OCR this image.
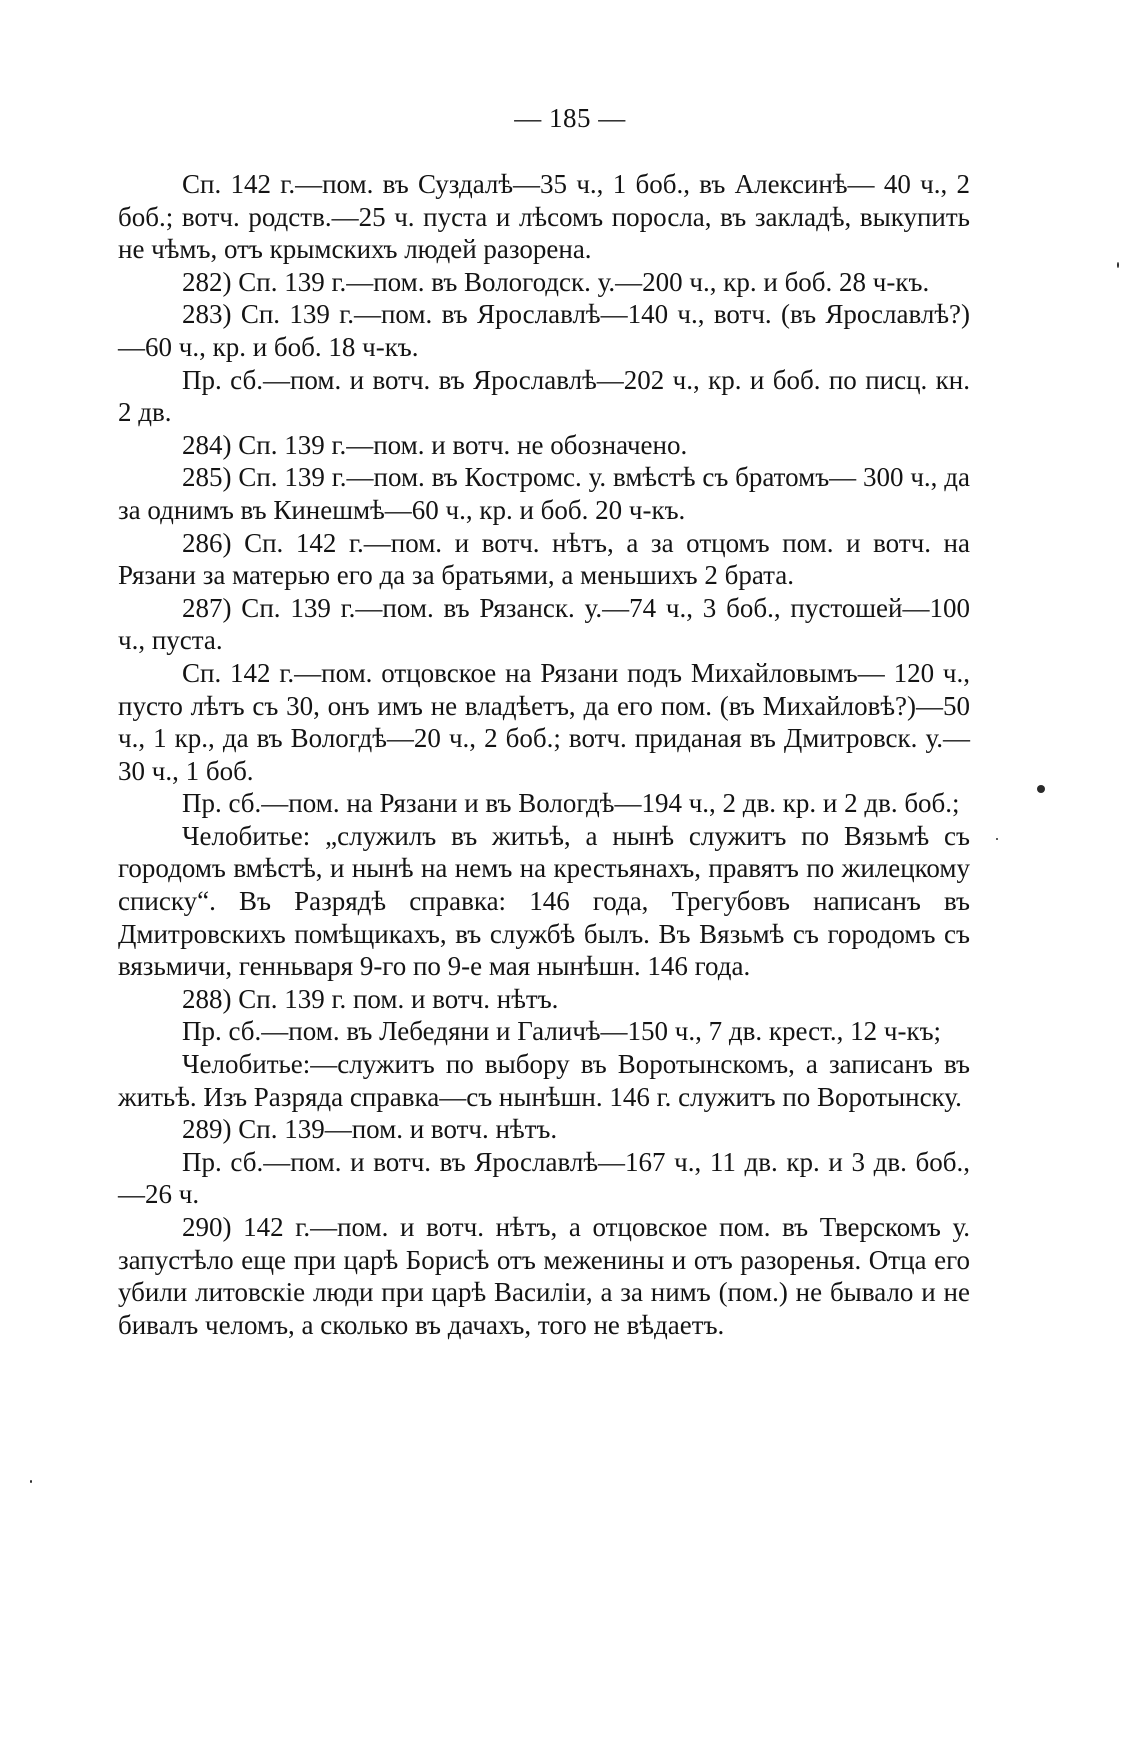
— 185 —

Сп. 142 г.—пом. въ Суздалѣ—35 ч., 1 боб., въ Алексинѣ— 40 ч., 2 боб.; вотч. родств.—25 ч. пуста и лѣсомъ поросла, въ закладѣ, выкупить не чѣмъ, отъ крымскихъ людей разорена.

282) Сп. 139 г.—пом. въ Вологодск. у.—200 ч., кр. и боб. 28 ч-къ.

283) Сп. 139 г.—пом. въ Ярославлѣ—140 ч., вотч. (въ Ярославлѣ?)—60 ч., кр. и боб. 18 ч-къ.

Пр. сб.—пом. и вотч. въ Ярославлѣ—202 ч., кр. и боб. по писц. кн. 2 дв.

284) Сп. 139 г.—пом. и вотч. не обозначено.

285) Сп. 139 г.—пом. въ Костромс. у. вмѣстѣ съ братомъ— 300 ч., да за однимъ въ Кинешмѣ—60 ч., кр. и боб. 20 ч-къ.

286) Сп. 142 г.—пом. и вотч. нѣтъ, а за отцомъ пом. и вотч. на Рязани за матерью его да за братьями, а меньшихъ 2 брата.

287) Сп. 139 г.—пом. въ Рязанск. у.—74 ч., 3 боб., пустошей—100 ч., пуста.

Сп. 142 г.—пом. отцовское на Рязани подъ Михайловымъ— 120 ч., пусто лѣтъ съ 30, онъ имъ не владѣетъ, да его пом. (въ Михайловѣ?)—50 ч., 1 кр., да въ Вологдѣ—20 ч., 2 боб.; вотч. приданая въ Дмитровск. у.—30 ч., 1 боб.

Пр. сб.—пом. на Рязани и въ Вологдѣ—194 ч., 2 дв. кр. и 2 дв. боб.;

Челобитье: „служилъ въ житьѣ, а нынѣ служитъ по Вязьмѣ съ городомъ вмѣстѣ, и нынѣ на немъ на крестьянахъ, правятъ по жилецкому списку“. Въ Разрядѣ справка: 146 года, Трегубовъ написанъ въ Дмитровскихъ помѣщикахъ, въ службѣ былъ. Въ Вязьмѣ съ городомъ съ вязьмичи, генньваря 9-го по 9-е мая нынѣшн. 146 года.

288) Сп. 139 г. пом. и вотч. нѣтъ.

Пр. сб.—пом. въ Лебедяни и Галичѣ—150 ч., 7 дв. крест., 12 ч-къ;

Челобитье:—служитъ по выбору въ Воротынскомъ, а записанъ въ житьѣ. Изъ Разряда справка—съ нынѣшн. 146 г. служитъ по Воротынску.

289) Сп. 139—пом. и вотч. нѣтъ.

Пр. сб.—пом. и вотч. въ Ярославлѣ—167 ч., 11 дв. кр. и 3 дв. боб.,—26 ч.

290) 142 г.—пом. и вотч. нѣтъ, а отцовское пом. въ Тверскомъ у. запустѣло еще при царѣ Борисѣ отъ меженины и отъ разоренья. Отца его убили литовскіе люди при царѣ Василіи, а за нимъ (пом.) не бывало и не бивалъ челомъ, а сколько въ дачахъ, того не вѣдаетъ.
